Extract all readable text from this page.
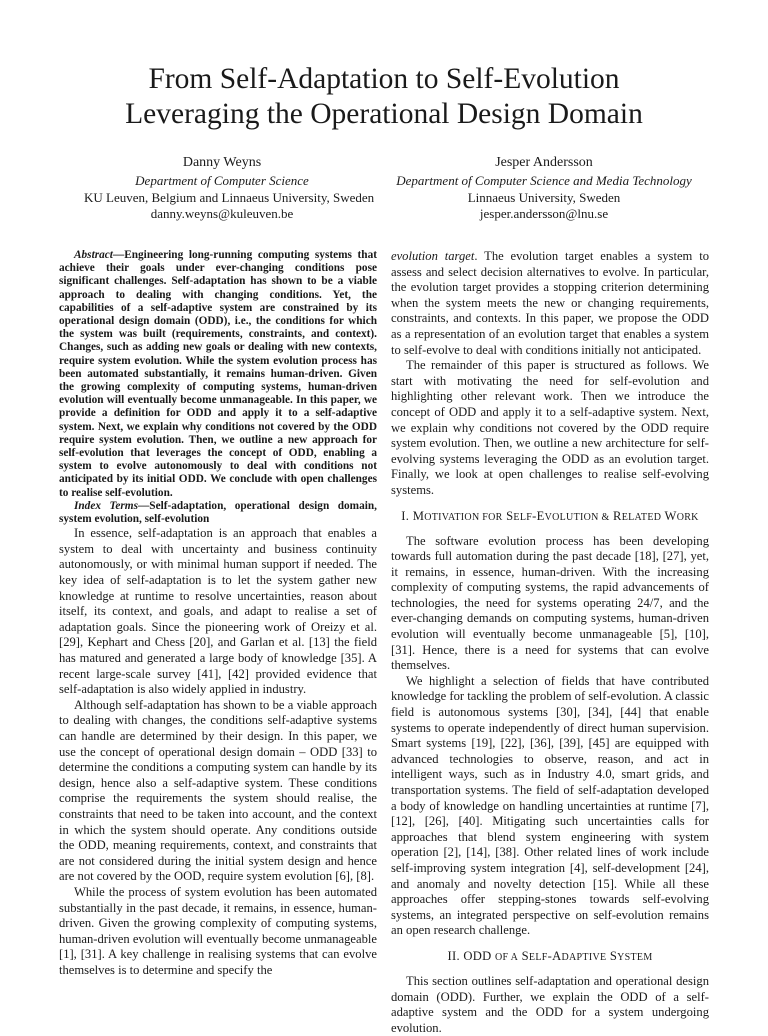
From Self-Adaptation to Self-Evolution
Leveraging the Operational Design Domain
Danny Weyns
Department of Computer Science
KU Leuven, Belgium and Linnaeus University, Sweden
danny.weyns@kuleuven.be
Jesper Andersson
Department of Computer Science and Media Technology
Linnaeus University, Sweden
jesper.andersson@lnu.se

Abstract—Engineering long-running computing systems that achieve their goals under ever-changing conditions pose significant challenges. Self-adaptation has shown to be a viable approach to dealing with changing conditions. Yet, the capabilities of a self-adaptive system are constrained by its operational design domain (ODD), i.e., the conditions for which the system was built (requirements, constraints, and context). Changes, such as adding new goals or dealing with new contexts, require system evolution. While the system evolution process has been automated substantially, it remains human-driven. Given the growing complexity of computing systems, human-driven evolution will eventually become unmanageable. In this paper, we provide a definition for ODD and apply it to a self-adaptive system. Next, we explain why conditions not covered by the ODD require system evolution. Then, we outline a new approach for self-evolution that leverages the concept of ODD, enabling a system to evolve autonomously to deal with conditions not anticipated by its initial ODD. We conclude with open challenges to realise self-evolution.

Index Terms—Self-adaptation, operational design domain, system evolution, self-evolution

In essence, self-adaptation is an approach that enables a system to deal with uncertainty and business continuity autonomously, or with minimal human support if needed. The key idea of self-adaptation is to let the system gather new knowledge at runtime to resolve uncertainties, reason about itself, its context, and goals, and adapt to realise a set of adaptation goals. Since the pioneering work of Oreizy et al. [29], Kephart and Chess [20], and Garlan et al. [13] the field has matured and generated a large body of knowledge [35]. A recent large-scale survey [41], [42] provided evidence that self-adaptation is also widely applied in industry.

Although self-adaptation has shown to be a viable approach to dealing with changes, the conditions self-adaptive systems can handle are determined by their design. In this paper, we use the concept of operational design domain – ODD [33] to determine the conditions a computing system can handle by its design, hence also a self-adaptive system. These conditions comprise the requirements the system should realise, the constraints that need to be taken into account, and the context in which the system should operate. Any conditions outside the ODD, meaning requirements, context, and constraints that are not considered during the initial system design and hence are not covered by the OOD, require system evolution [6], [8].

While the process of system evolution has been automated substantially in the past decade, it remains, in essence, human-driven. Given the growing complexity of computing systems, human-driven evolution will eventually become unmanageable [1], [31]. A key challenge in realising systems that can evolve themselves is to determine and specify the

evolution target. The evolution target enables a system to assess and select decision alternatives to evolve. In particular, the evolution target provides a stopping criterion determining when the system meets the new or changing requirements, constraints, and contexts. In this paper, we propose the ODD as a representation of an evolution target that enables a system to self-evolve to deal with conditions initially not anticipated.

The remainder of this paper is structured as follows. We start with motivating the need for self-evolution and highlighting other relevant work. Then we introduce the concept of ODD and apply it to a self-adaptive system. Next, we explain why conditions not covered by the ODD require system evolution. Then, we outline a new architecture for self-evolving systems leveraging the ODD as an evolution target. Finally, we look at open challenges to realise self-evolving systems.

I. MOTIVATION FOR SELF-EVOLUTION & RELATED WORK

The software evolution process has been developing towards full automation during the past decade [18], [27], yet, it remains, in essence, human-driven. With the increasing complexity of computing systems, the rapid advancements of technologies, the need for systems operating 24/7, and the ever-changing demands on computing systems, human-driven evolution will eventually become unmanageable [5], [10], [31]. Hence, there is a need for systems that can evolve themselves.

We highlight a selection of fields that have contributed knowledge for tackling the problem of self-evolution. A classic field is autonomous systems [30], [34], [44] that enable systems to operate independently of direct human supervision. Smart systems [19], [22], [36], [39], [45] are equipped with advanced technologies to observe, reason, and act in intelligent ways, such as in Industry 4.0, smart grids, and transportation systems. The field of self-adaptation developed a body of knowledge on handling uncertainties at runtime [7], [12], [26], [40]. Mitigating such uncertainties calls for approaches that blend system engineering with system operation [2], [14], [38]. Other related lines of work include self-improving system integration [4], self-development [24], and anomaly and novelty detection [15]. While all these approaches offer stepping-stones towards self-evolving systems, an integrated perspective on self-evolution remains an open research challenge.

II. ODD OF A SELF-ADAPTIVE SYSTEM

This section outlines self-adaptation and operational design domain (ODD). Further, we explain the ODD of a self-adaptive system and the ODD for a system undergoing evolution.
